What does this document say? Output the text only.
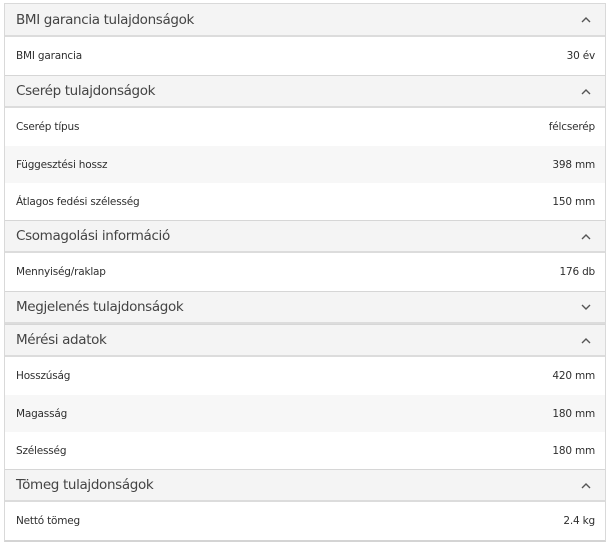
BMI garancia tulajdonságok
BMI garancia	30 év
Cserép tulajdonságok
Cserép típus	félcserép
Függesztési hossz	398 mm
Átlagos fedési szélesség	150 mm
Csomagolási információ
Mennyiség/raklap	176 db
Megjelenés tulajdonságok
Mérési adatok
Hosszúság	420 mm
Magasság	180 mm
Szélesség	180 mm
Tömeg tulajdonságok
Nettó tömeg	2.4 kg
